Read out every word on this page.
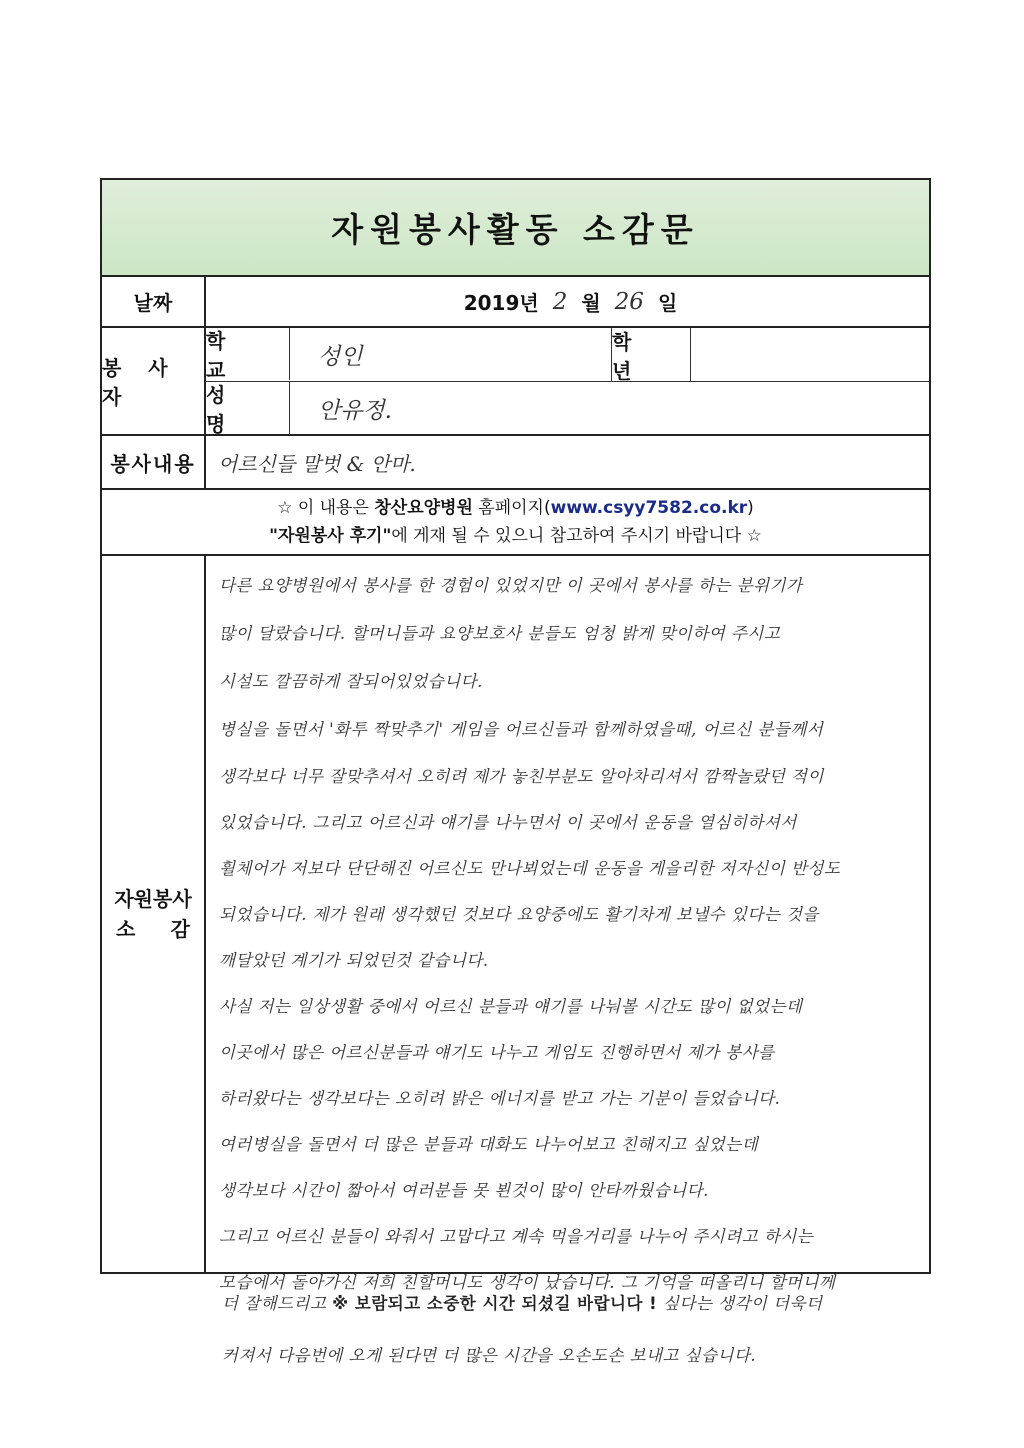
자원봉사활동 소감문
날짜	2019년 2 월 26 일
봉 사 자
학 교
성인
학 년
성 명
안유정.
봉사내용	어르신들 말벗 & 안마.
☆ 이 내용은 창산요양병원 홈페이지(www.csyy7582.co.kr)
"자원봉사 후기"에 게재 될 수 있으니 참고하여 주시기 바랍니다 ☆
자원봉사
소 감
다른 요양병원에서 봉사를 한 경험이 있었지만 이 곳에서 봉사를 하는 분위기가
많이 달랐습니다. 할머니들과 요양보호사 분들도 엄청 밝게 맞이하여 주시고
시설도 깔끔하게 잘되어있었습니다.
병실을 돌면서 '화투 짝맞추기' 게임을 어르신들과 함께하였을때, 어르신 분들께서
생각보다 너무 잘맞추셔서 오히려 제가 놓친부분도 알아차리셔서 깜짝놀랐던 적이
있었습니다. 그리고 어르신과 얘기를 나누면서 이 곳에서 운동을 열심히하셔서
휠체어가 저보다 단단해진 어르신도 만나뵈었는데 운동을 게을리한 저자신이 반성도
되었습니다. 제가 원래 생각했던 것보다 요양중에도 활기차게 보낼수 있다는 것을
깨달았던 계기가 되었던것 같습니다.
사실 저는 일상생활 중에서 어르신 분들과 얘기를 나눠볼 시간도 많이 없었는데
이곳에서 많은 어르신분들과 얘기도 나누고 게임도 진행하면서 제가 봉사를
하러왔다는 생각보다는 오히려 밝은 에너지를 받고 가는 기분이 들었습니다.
여러병실을 돌면서 더 많은 분들과 대화도 나누어보고 친해지고 싶었는데
생각보다 시간이 짧아서 여러분들 못 뵌것이 많이 안타까웠습니다.
그리고 어르신 분들이 와줘서 고맙다고 계속 먹을거리를 나누어 주시려고 하시는
모습에서 돌아가신 저희 친할머니도 생각이 났습니다. 그 기억을 떠올리니 할머니께
더 잘해드리고 ※ 보람되고 소중한 시간 되셨길 바랍니다 ! 싶다는 생각이 더욱더
커져서 다음번에 오게 된다면 더 많은 시간을 오손도손 보내고 싶습니다.
